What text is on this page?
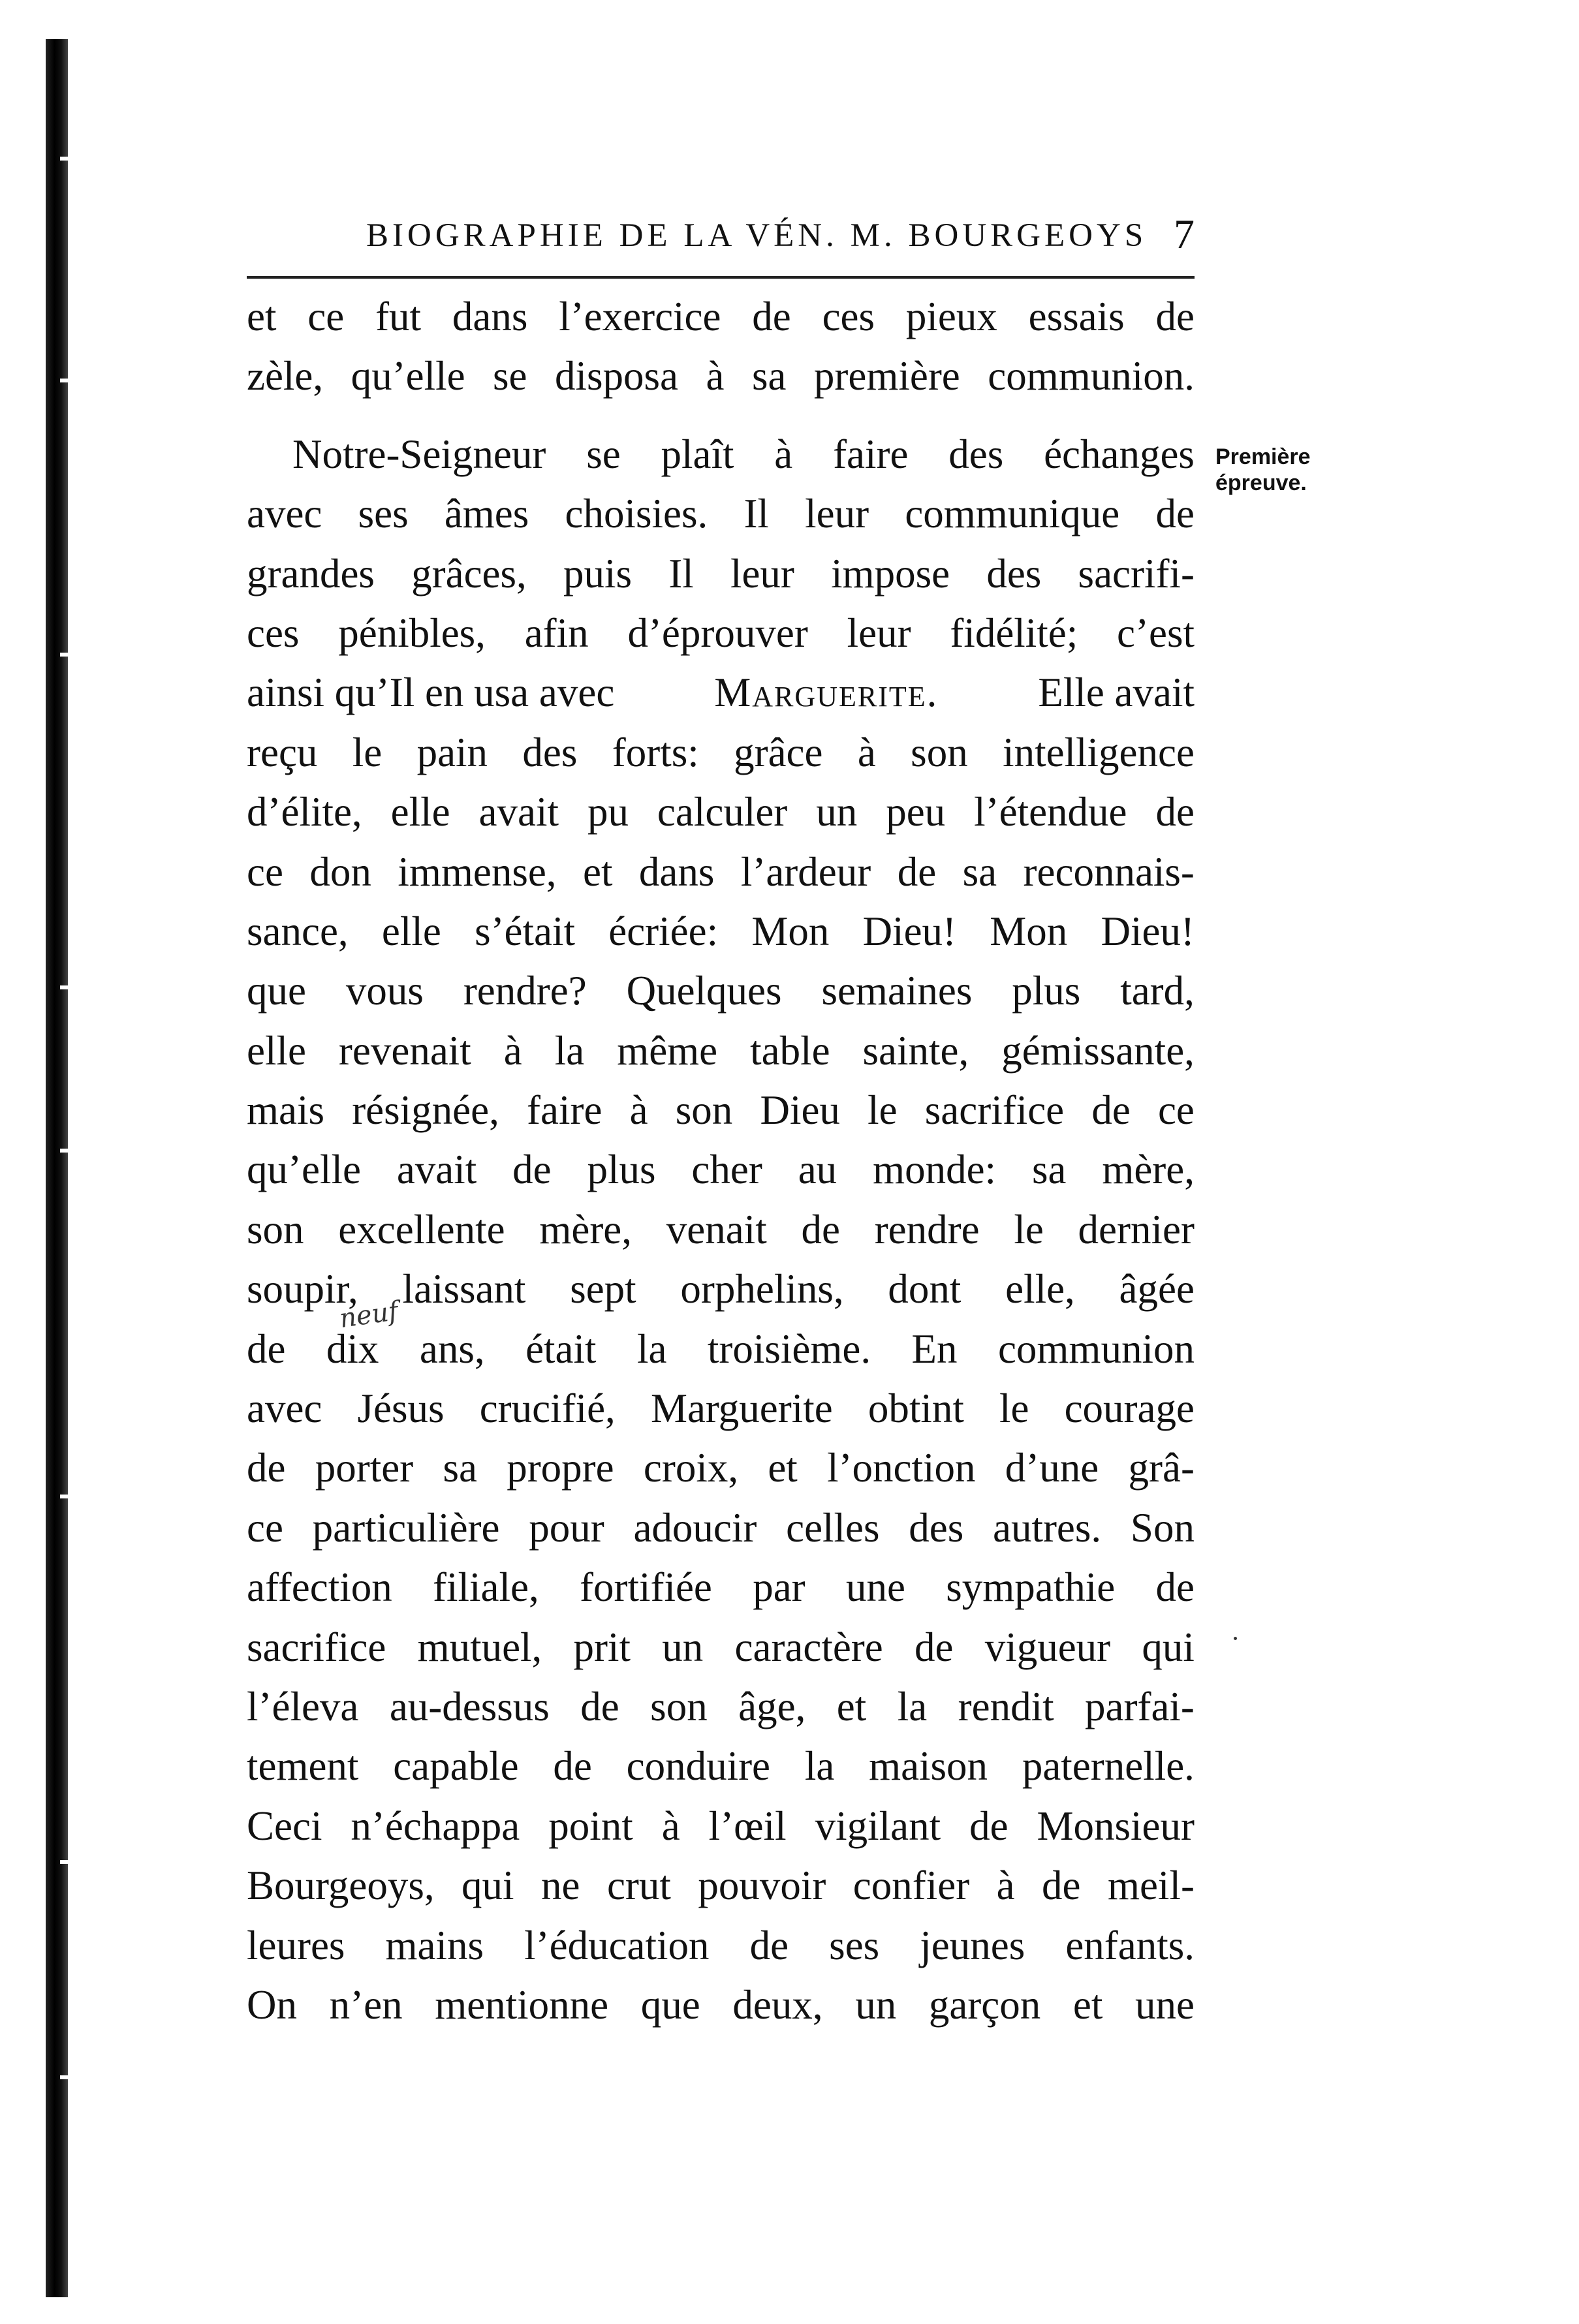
BIOGRAPHIE DE LA VÉN. M. BOURGEOYS 7
Première
épreuve.
neuf
et ce fut dans l’exercice de ces pieux essais de
zèle, qu’elle se disposa à sa première communion.
Notre-Seigneur se plaît à faire des échanges
avec ses âmes choisies. Il leur communique de
grandes grâces, puis Il leur impose des sacrifi-
ces pénibles, afin d’éprouver leur fidélité; c’est
ainsi qu’Il en usa avec Marguerite. Elle avait
reçu le pain des forts: grâce à son intelligence
d’élite, elle avait pu calculer un peu l’étendue de
ce don immense, et dans l’ardeur de sa reconnais-
sance, elle s’était écriée: Mon Dieu! Mon Dieu!
que vous rendre? Quelques semaines plus tard,
elle revenait à la même table sainte, gémissante,
mais résignée, faire à son Dieu le sacrifice de ce
qu’elle avait de plus cher au monde: sa mère,
son excellente mère, venait de rendre le dernier
soupir, laissant sept orphelins, dont elle, âgée
de dix ans, était la troisième. En communion
avec Jésus crucifié, Marguerite obtint le courage
de porter sa propre croix, et l’onction d’une grâ-
ce particulière pour adoucir celles des autres. Son
affection filiale, fortifiée par une sympathie de
sacrifice mutuel, prit un caractère de vigueur qui
l’éleva au-dessus de son âge, et la rendit parfai-
tement capable de conduire la maison paternelle.
Ceci n’échappa point à l’œil vigilant de Monsieur
Bourgeoys, qui ne crut pouvoir confier à de meil-
leures mains l’éducation de ses jeunes enfants.
On n’en mentionne que deux, un garçon et une
